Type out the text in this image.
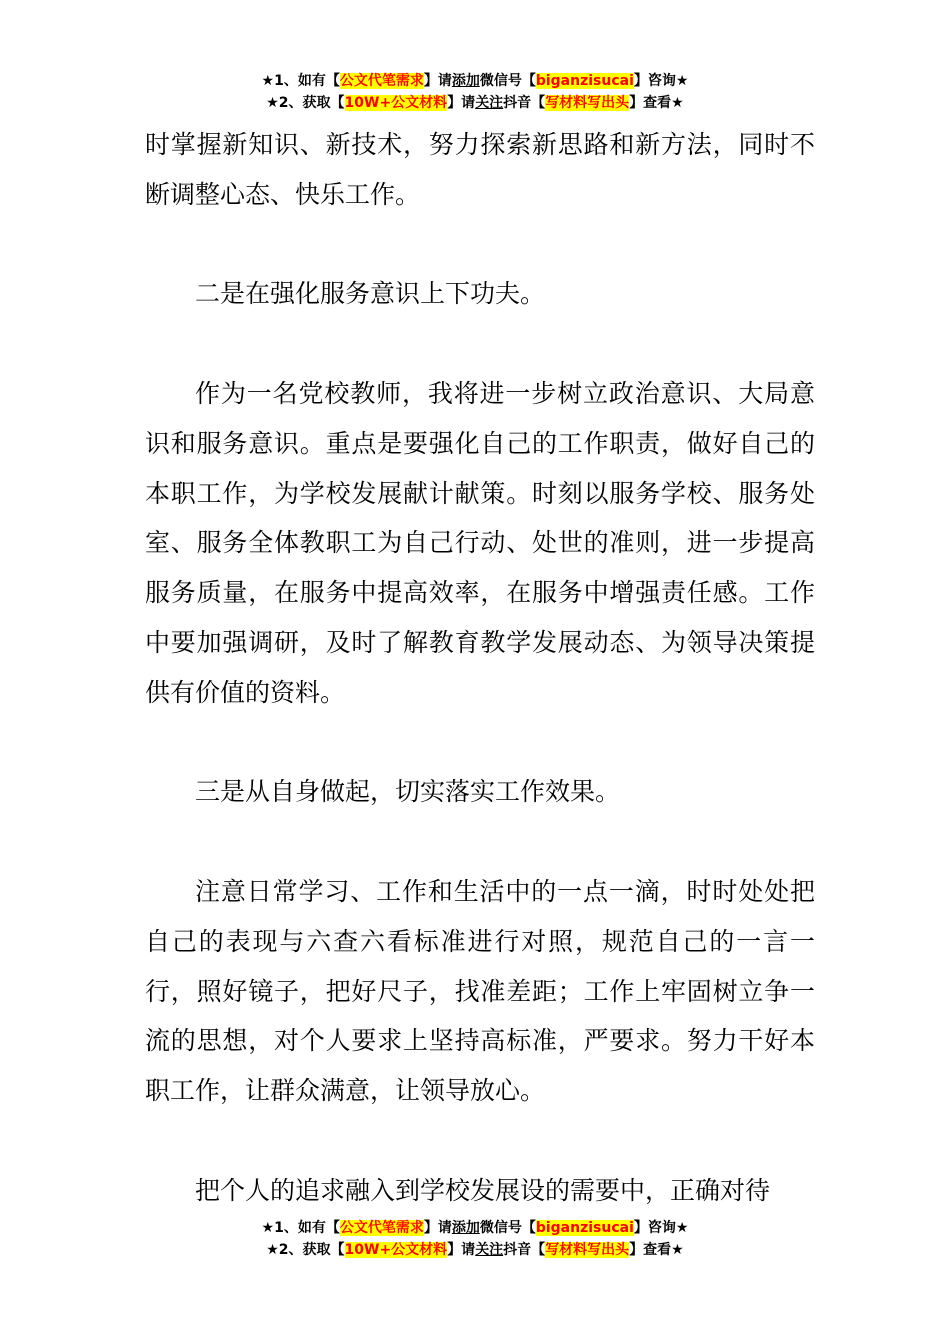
★1、如有【公文代笔需求】请添加微信号【biganzisucai】咨询★
★2、获取【10W+公文材料】请关注抖音【写材料写出头】查看★

时掌握新知识、新技术，努力探索新思路和新方法，同时不断调整心态、快乐工作。

二是在强化服务意识上下功夫。

作为一名党校教师，我将进一步树立政治意识、大局意识和服务意识。重点是要强化自己的工作职责，做好自己的本职工作，为学校发展献计献策。时刻以服务学校、服务处室、服务全体教职工为自己行动、处世的准则，进一步提高服务质量，在服务中提高效率，在服务中增强责任感。工作中要加强调研，及时了解教育教学发展动态、为领导决策提供有价值的资料。

三是从自身做起，切实落实工作效果。

注意日常学习、工作和生活中的一点一滴，时时处处把自己的表现与六查六看标准进行对照，规范自己的一言一行，照好镜子，把好尺子，找准差距；工作上牢固树立争一流的思想，对个人要求上坚持高标准，严要求。努力干好本职工作，让群众满意，让领导放心。

把个人的追求融入到学校发展设的需要中，正确对待

★1、如有【公文代笔需求】请添加微信号【biganzisucai】咨询★
★2、获取【10W+公文材料】请关注抖音【写材料写出头】查看★
